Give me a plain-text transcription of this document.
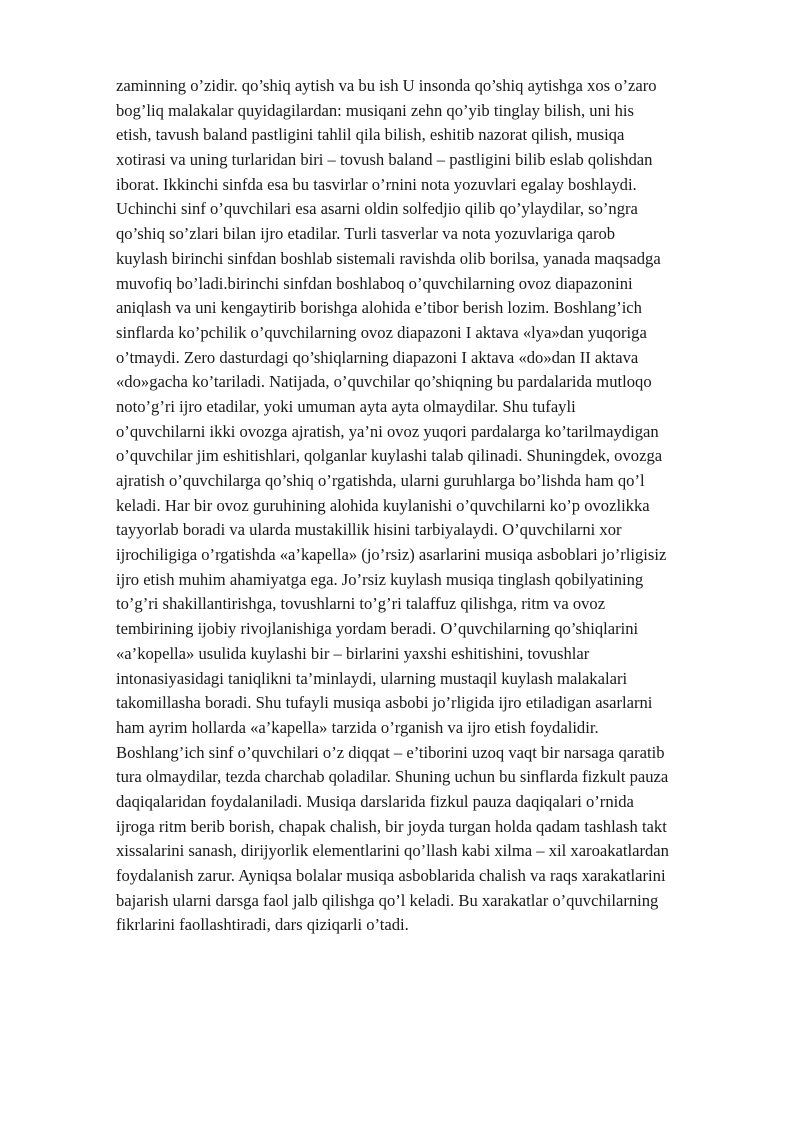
zaminning o’zidir. qo’shiq aytish va bu ish U insonda qo’shiq aytishga xos o’zaro
bog’liq malakalar quyidagilardan: musiqani zehn qo’yib tinglay bilish, uni his
etish, tavush baland pastligini tahlil qila bilish, eshitib nazorat qilish, musiqa
xotirasi va uning turlaridan biri – tovush baland – pastligini bilib eslab qolishdan
iborat. Ikkinchi sinfda esa bu tasvirlar o’rnini nota yozuvlari egalay boshlaydi.
Uchinchi sinf o’quvchilari esa asarni oldin solfedjio qilib qo’ylaydilar, so’ngra
qo’shiq so’zlari bilan ijro etadilar. Turli tasverlar va nota yozuvlariga qarob
kuylash birinchi sinfdan boshlab sistemali ravishda olib borilsa, yanada maqsadga
muvofiq bo’ladi.birinchi sinfdan boshlaboq o’quvchilarning ovoz diapazonini
aniqlash va uni kengaytirib borishga alohida e’tibor berish lozim. Boshlang’ich
sinflarda ko’pchilik o’quvchilarning ovoz diapazoni I aktava «lya»dan yuqoriga
o’tmaydi. Zero dasturdagi qo’shiqlarning diapazoni I aktava «do»dan II aktava
«do»gacha ko’tariladi. Natijada, o’quvchilar qo’shiqning bu pardalarida mutloqo
noto’g’ri ijro etadilar, yoki umuman ayta ayta olmaydilar. Shu tufayli
o’quvchilarni ikki ovozga ajratish, ya’ni ovoz yuqori pardalarga ko’tarilmaydigan
o’quvchilar jim eshitishlari, qolganlar kuylashi talab qilinadi. Shuningdek, ovozga
ajratish o’quvchilarga qo’shiq o’rgatishda, ularni guruhlarga bo’lishda ham qo’l
keladi. Har bir ovoz guruhining alohida kuylanishi o’quvchilarni ko’p ovozlikka
tayyorlab boradi va ularda mustakillik hisini tarbiyalaydi. O’quvchilarni xor
ijrochiligiga o’rgatishda «a’kapella» (jo’rsiz) asarlarini musiqa asboblari jo’rligisiz
ijro etish muhim ahamiyatga ega. Jo’rsiz kuylash musiqa tinglash qobilyatining
to’g’ri shakillantirishga, tovushlarni to’g’ri talaffuz qilishga, ritm va ovoz
tembirining ijobiy rivojlanishiga yordam beradi. O’quvchilarning qo’shiqlarini
«a’kopella» usulida kuylashi bir – birlarini yaxshi eshitishini, tovushlar
intonasiyasidagi taniqlikni ta’minlaydi, ularning mustaqil kuylash malakalari
takomillashа boradi. Shu tufayli musiqa asbobi jo’rligida ijro etiladigan asarlarni
ham ayrim hollarda «a’kapella» tarzida o’rganish va ijro etish foydalidir.
Boshlang’ich sinf o’quvchilari o’z diqqat – e’tiborini uzoq vaqt bir narsaga qaratib
tura olmaydilar, tezda charchab qoladilar. Shuning uchun bu sinflarda fizkult pauza
daqiqalaridan foydalaniladi. Musiqa darslarida fizkul pauza daqiqalari o’rnida
ijroga ritm berib borish, chapak chalish, bir joyda turgan holda qadam tashlash takt
xissalarini sanash, dirijyorlik elementlarini qo’llash kabi xilma – xil xaroakatlardan
foydalanish zarur. Ayniqsa bolalar musiqa asboblarida chalish va raqs xarakatlarini
bajarish ularni darsga faol jalb qilishga qo’l keladi. Bu xarakatlar o’quvchilarning
fikrlarini faollashtiradi, dars qiziqarli o’tadi.
